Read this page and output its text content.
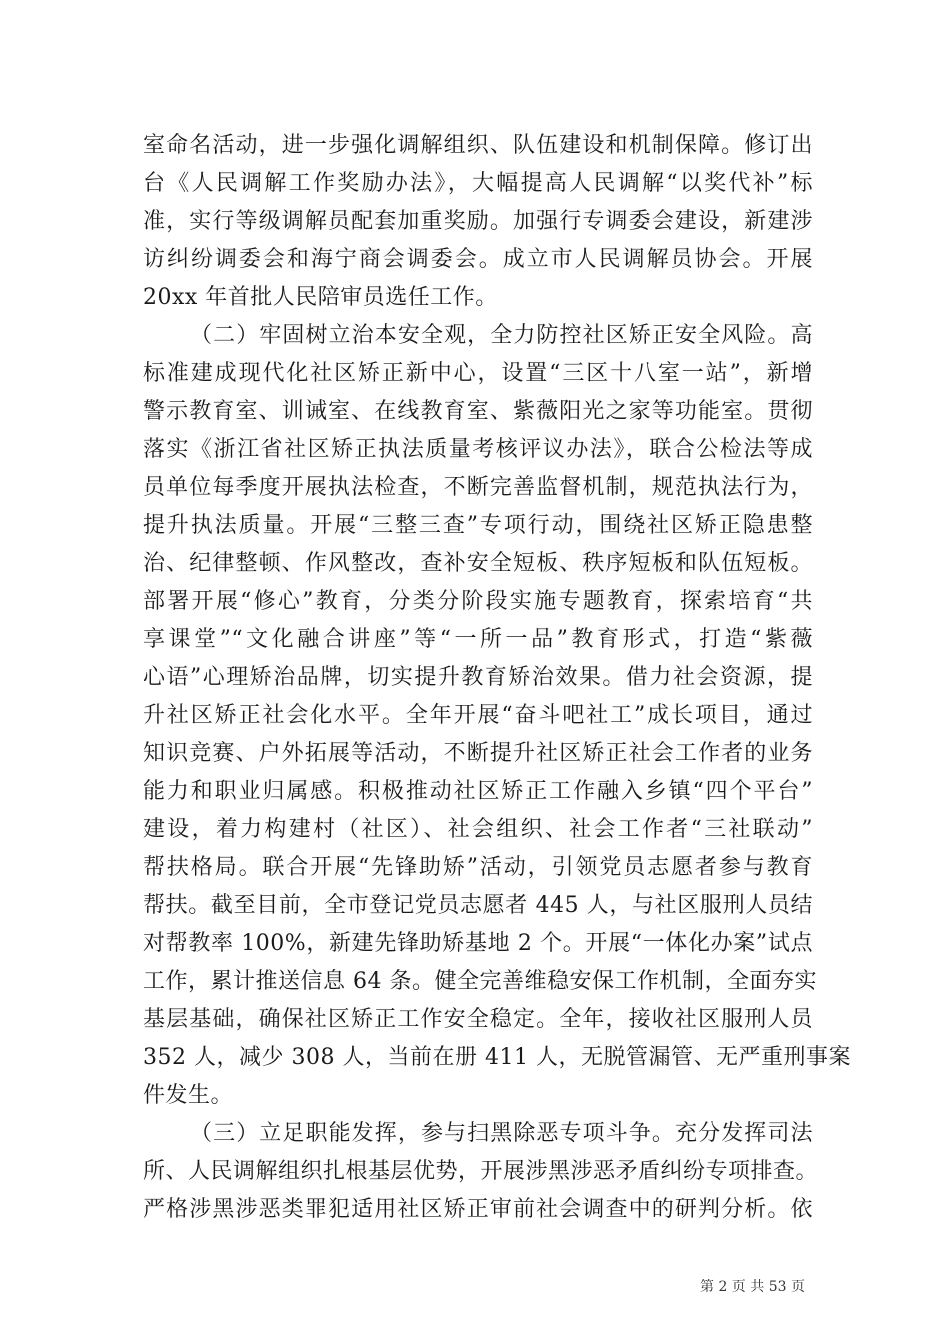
室命名活动，进一步强化调解组织、队伍建设和机制保障。修订出
台《人民调解工作奖励办法》，大幅提高人民调解“以奖代补”标
准，实行等级调解员配套加重奖励。加强行专调委会建设，新建涉
访纠纷调委会和海宁商会调委会。成立市人民调解员协会。开展
20xx 年首批人民陪审员选任工作。
（二）牢固树立治本安全观，全力防控社区矫正安全风险。高
标准建成现代化社区矫正新中心，设置“三区十八室一站”，新增
警示教育室、训诫室、在线教育室、紫薇阳光之家等功能室。贯彻
落实《浙江省社区矫正执法质量考核评议办法》，联合公检法等成
员单位每季度开展执法检查，不断完善监督机制，规范执法行为，
提升执法质量。开展“三整三查”专项行动，围绕社区矫正隐患整
治、纪律整顿、作风整改，查补安全短板、秩序短板和队伍短板。
部署开展“修心”教育，分类分阶段实施专题教育，探索培育“共
享课堂”“文化融合讲座”等“一所一品”教育形式，打造“紫薇
心语”心理矫治品牌，切实提升教育矫治效果。借力社会资源，提
升社区矫正社会化水平。全年开展“奋斗吧社工”成长项目，通过
知识竞赛、户外拓展等活动，不断提升社区矫正社会工作者的业务
能力和职业归属感。积极推动社区矫正工作融入乡镇“四个平台”
建设，着力构建村（社区）、社会组织、社会工作者“三社联动”
帮扶格局。联合开展“先锋助矫”活动，引领党员志愿者参与教育
帮扶。截至目前，全市登记党员志愿者 445 人，与社区服刑人员结
对帮教率 100%，新建先锋助矫基地 2 个。开展“一体化办案”试点
工作，累计推送信息 64 条。健全完善维稳安保工作机制，全面夯实
基层基础，确保社区矫正工作安全稳定。全年，接收社区服刑人员
352 人，减少 308 人，当前在册 411 人，无脱管漏管、无严重刑事案
件发生。
（三）立足职能发挥，参与扫黑除恶专项斗争。充分发挥司法
所、人民调解组织扎根基层优势，开展涉黑涉恶矛盾纠纷专项排查。
严格涉黑涉恶类罪犯适用社区矫正审前社会调查中的研判分析。依
第 2 页 共 53 页
